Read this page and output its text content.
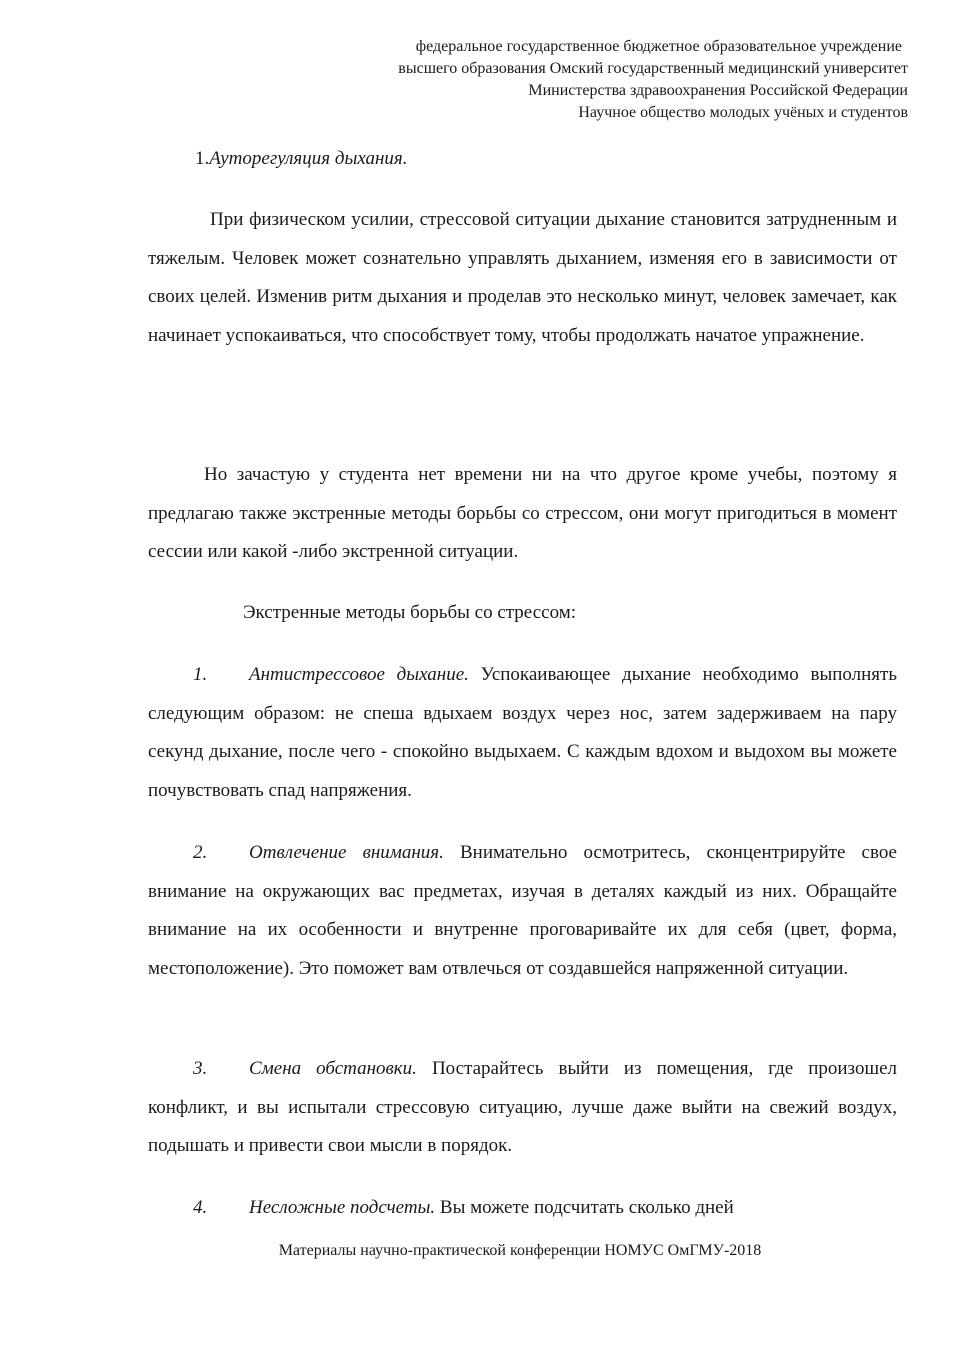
федеральное государственное бюджетное образовательное учреждение
высшего образования Омский государственный медицинский университет
Министерства здравоохранения Российской Федерации
Научное общество молодых учёных и студентов
1.Ауторегуляция дыхания.

При физическом усилии, стрессовой ситуации дыхание становится затрудненным и тяжелым. Человек может сознательно управлять дыханием, изменяя его в зависимости от своих целей. Изменив ритм дыхания и проделав это несколько минут, человек замечает, как начинает успокаиваться, что способствует тому, чтобы продолжать начатое упражнение.

Но зачастую у студента нет времени ни на что другое кроме учебы, поэтому я предлагаю также экстренные методы борьбы со стрессом, они могут пригодиться в момент сессии или какой -либо экстренной ситуации.

Экстренные методы борьбы со стрессом:

1. Антистрессовое дыхание. Успокаивающее дыхание необходимо выполнять следующим образом: не спеша вдыхаем воздух через нос, затем задерживаем на пару секунд дыхание, после чего - спокойно выдыхаем. С каждым вдохом и выдохом вы можете почувствовать спад напряжения.

2. Отвлечение внимания. Внимательно осмотритесь, сконцентрируйте свое внимание на окружающих вас предметах, изучая в деталях каждый из них. Обращайте внимание на их особенности и внутренне проговаривайте их для себя (цвет, форма, местоположение). Это поможет вам отвлечься от создавшейся напряженной ситуации.

3. Смена обстановки. Постарайтесь выйти из помещения, где произошел конфликт, и вы испытали стрессовую ситуацию, лучше даже выйти на свежий воздух, подышать и привести свои мысли в порядок.

4. Несложные подсчеты. Вы можете подсчитать сколько дней

Материалы научно-практической конференции НОМУС ОмГМУ-2018
